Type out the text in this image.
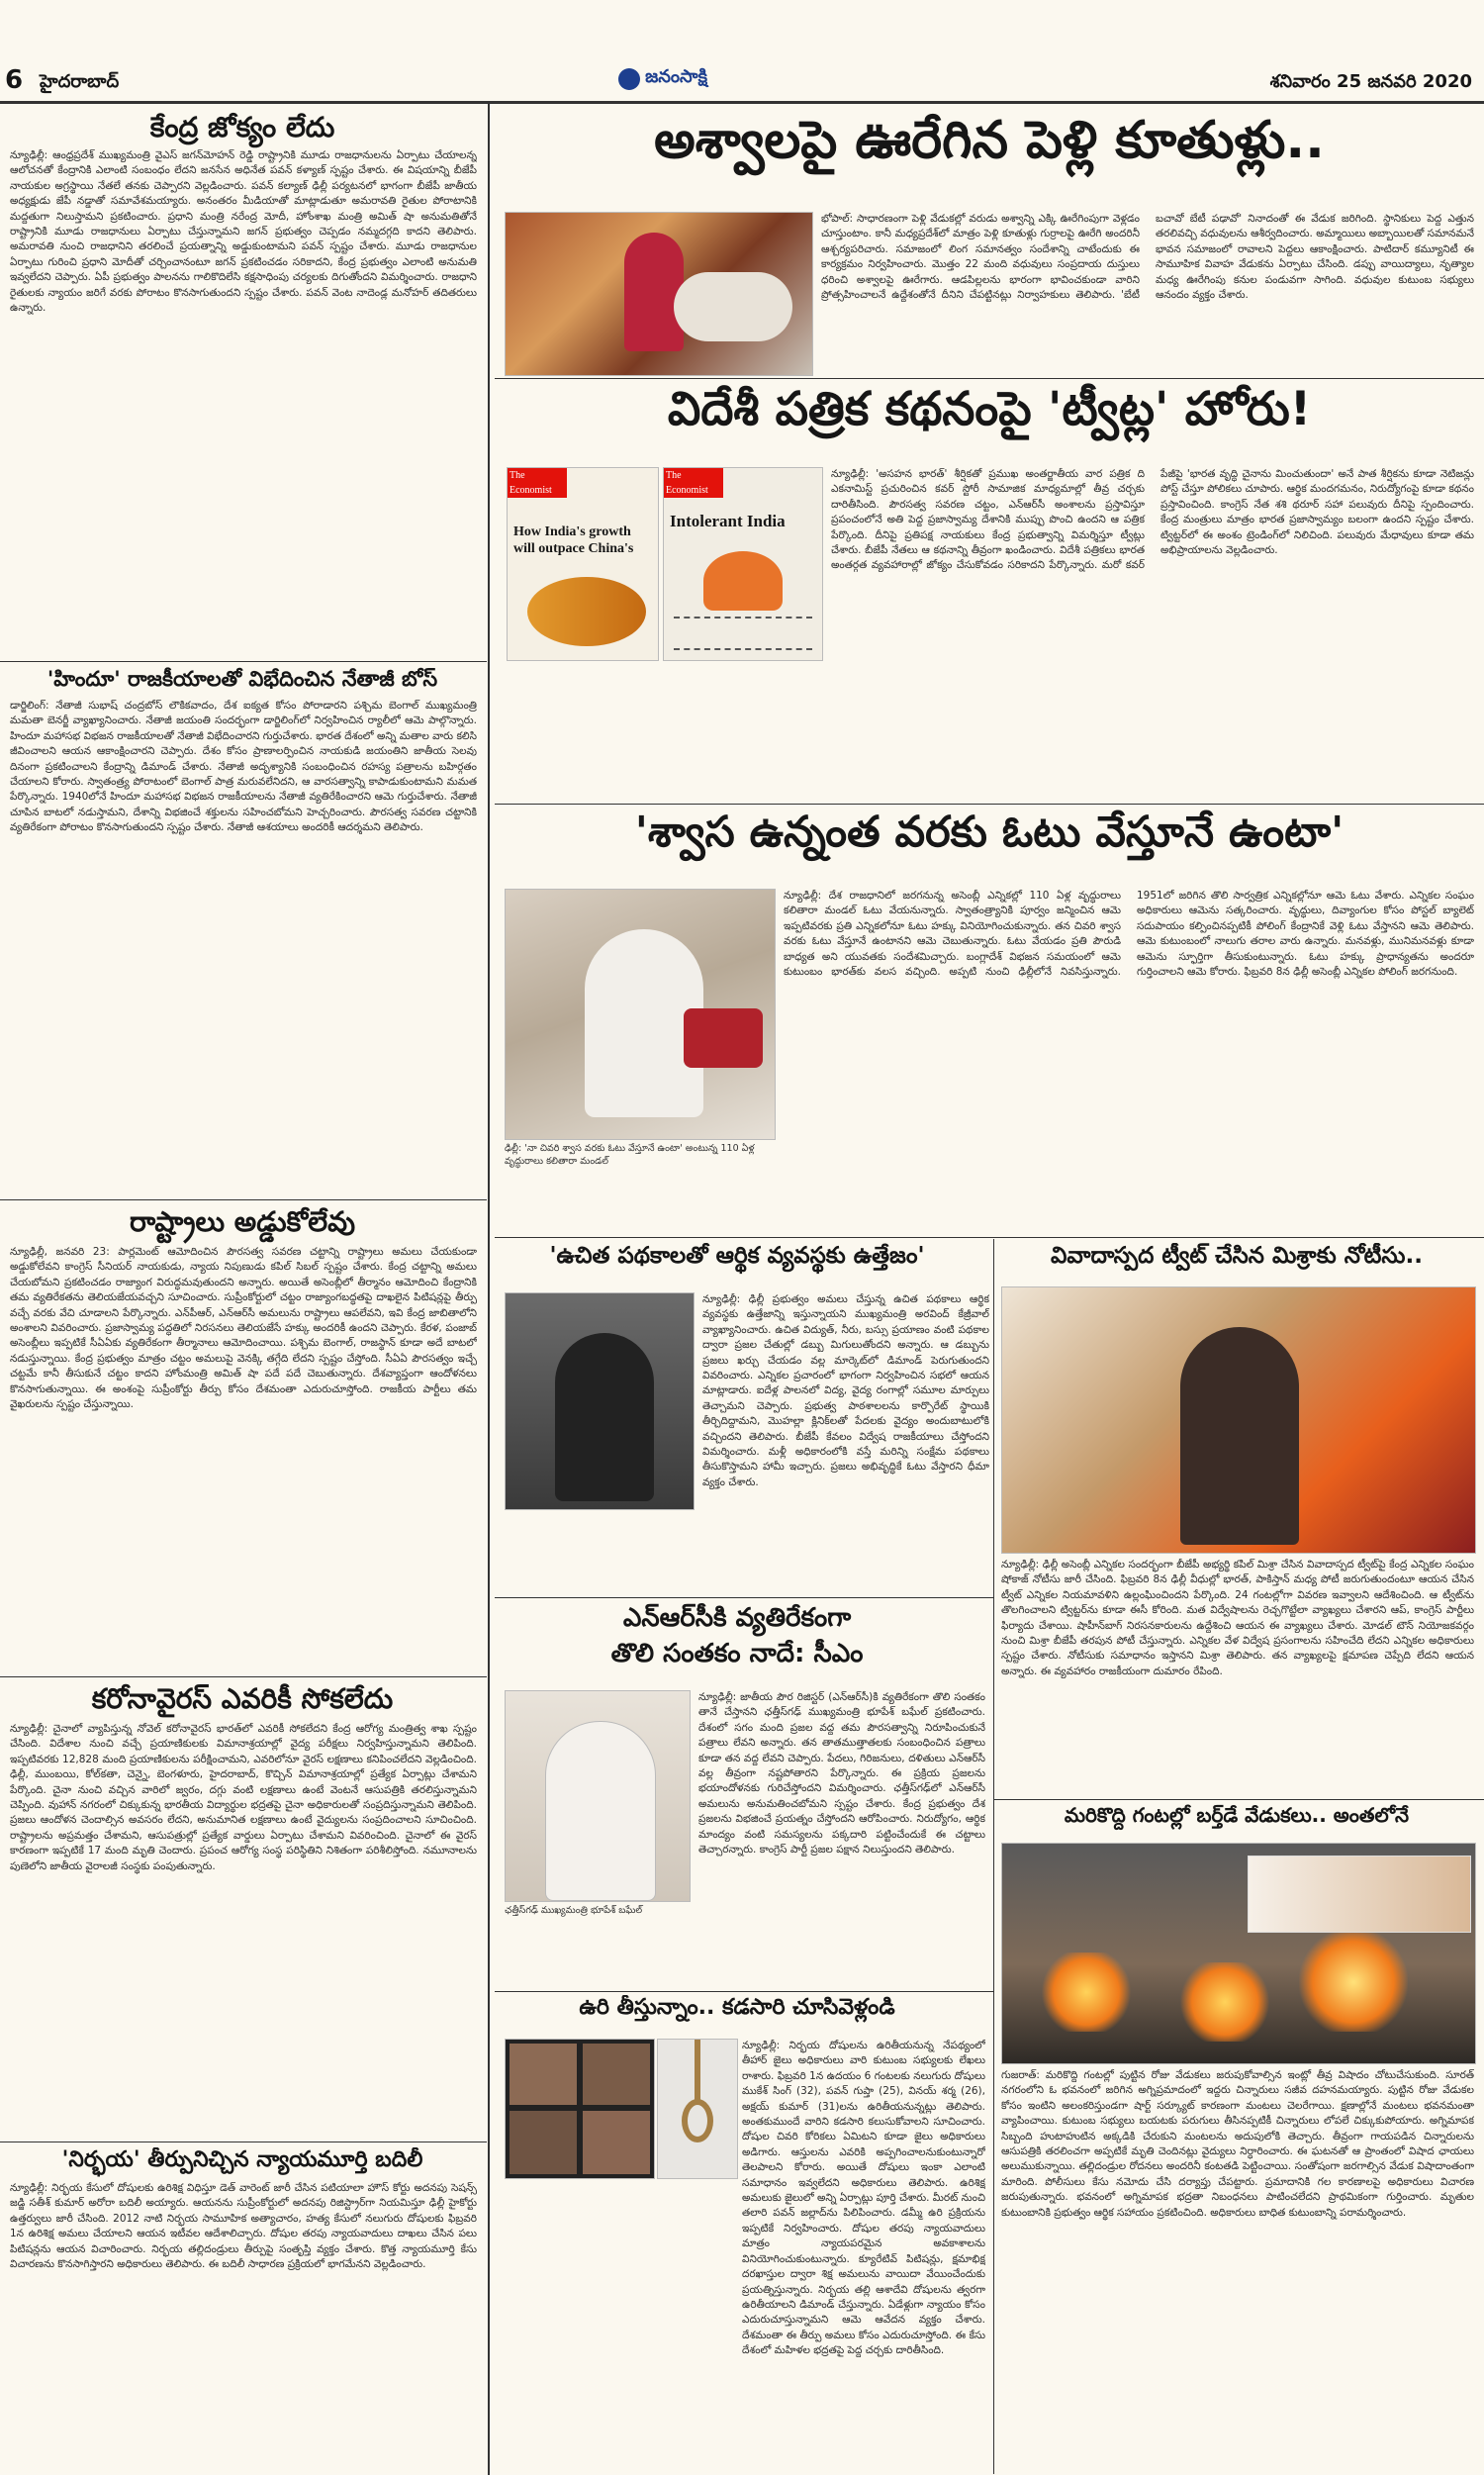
6 హైదరాబాద్	జనంసాక్షి	శనివారం 25 జనవరి 2020
కేంద్ర జోక్యం లేదు
న్యూఢిల్లీ: ఆంధ్రప్రదేశ్ ముఖ్యమంత్రి వైఎస్ జగన్‌మోహన్ రెడ్డి రాష్ట్రానికి మూడు రాజధానులను ఏర్పాటు చేయాలన్న ఆలోచనతో కేంద్రానికి ఎలాంటి సంబంధం లేదని జనసేన అధినేత పవన్ కళ్యాణ్ స్పష్టం చేశారు. ఈ విషయాన్ని బీజేపీ నాయకుల అగ్రస్థాయి నేతలే తనకు చెప్పారని వెల్లడించారు. పవన్ కల్యాణ్ ఢిల్లీ పర్యటనలో భాగంగా బీజేపీ జాతీయ అధ్యక్షుడు జేపీ నడ్డాతో సమావేశమయ్యారు. అనంతరం మీడియాతో మాట్లాడుతూ అమరావతి రైతుల పోరాటానికి మద్దతుగా నిలుస్తామని ప్రకటించారు. ప్రధాని మంత్రి నరేంద్ర మోదీ, హోంశాఖ మంత్రి అమిత్ షా అనుమతితోనే రాష్ట్రానికి మూడు రాజధానులు ఏర్పాటు చేస్తున్నామని జగన్ ప్రభుత్వం చెప్పడం నమ్మదగ్గది కాదని తెలిపారు. అమరావతి నుంచి రాజధానిని తరలించే ప్రయత్నాన్ని అడ్డుకుంటామని పవన్ స్పష్టం చేశారు. మూడు రాజధానుల ఏర్పాటు గురించి ప్రధాని మోదీతో చర్చించానంటూ జగన్ ప్రకటించడం సరికాదని, కేంద్ర ప్రభుత్వం ఎలాంటి అనుమతి ఇవ్వలేదని చెప్పారు. ఏపీ ప్రభుత్వం పాలనను గాలికొదిలేసి కక్షసాధింపు చర్యలకు దిగుతోందని విమర్శించారు. రాజధాని రైతులకు న్యాయం జరిగే వరకు పోరాటం కొనసాగుతుందని స్పష్టం చేశారు. పవన్ వెంట నాదెండ్ల మనోహర్ తదితరులు ఉన్నారు.
'హిందూ' రాజకీయాలతో విభేదించిన నేతాజీ బోస్
డార్జిలింగ్: నేతాజీ సుభాష్ చంద్రబోస్ లౌకికవాదం, దేశ ఐక్యత కోసం పోరాడారని పశ్చిమ బెంగాల్ ముఖ్యమంత్రి మమతా బెనర్జీ వ్యాఖ్యానించారు. నేతాజీ జయంతి సందర్భంగా డార్జిలింగ్‌లో నిర్వహించిన ర్యాలీలో ఆమె పాల్గొన్నారు. హిందూ మహాసభ విభజన రాజకీయాలతో నేతాజీ విభేదించారని గుర్తుచేశారు. భారత దేశంలో అన్ని మతాల వారు కలిసి జీవించాలని ఆయన ఆకాంక్షించారని చెప్పారు. దేశం కోసం ప్రాణాలర్పించిన నాయకుడి జయంతిని జాతీయ సెలవు దినంగా ప్రకటించాలని కేంద్రాన్ని డిమాండ్ చేశారు. నేతాజీ అదృశ్యానికి సంబంధించిన రహస్య పత్రాలను బహిర్గతం చేయాలని కోరారు. స్వాతంత్ర్య పోరాటంలో బెంగాల్ పాత్ర మరువలేనిదని, ఆ వారసత్వాన్ని కాపాడుకుంటామని మమత పేర్కొన్నారు. 1940లోనే హిందూ మహాసభ విభజన రాజకీయాలను నేతాజీ వ్యతిరేకించారని ఆమె గుర్తుచేశారు. నేతాజీ చూపిన బాటలో నడుస్తామని, దేశాన్ని విభజించే శక్తులను సహించబోమని హెచ్చరించారు. పౌరసత్వ సవరణ చట్టానికి వ్యతిరేకంగా పోరాటం కొనసాగుతుందని స్పష్టం చేశారు. నేతాజీ ఆశయాలు అందరికీ ఆదర్శమని తెలిపారు.
రాష్ట్రాలు అడ్డుకోలేవు
న్యూఢిల్లీ, జనవరి 23: పార్లమెంట్ ఆమోదించిన పౌరసత్వ సవరణ చట్టాన్ని రాష్ట్రాలు అమలు చేయకుండా అడ్డుకోలేవని కాంగ్రెస్ సీనియర్ నాయకుడు, న్యాయ నిపుణుడు కపిల్ సిబల్ స్పష్టం చేశారు. కేంద్ర చట్టాన్ని అమలు చేయబోమని ప్రకటించడం రాజ్యాంగ విరుద్ధమవుతుందని అన్నారు. అయితే అసెంబ్లీలో తీర్మానం ఆమోదించి కేంద్రానికి తమ వ్యతిరేకతను తెలియజేయవచ్చని సూచించారు. సుప్రీంకోర్టులో చట్టం రాజ్యాంగబద్ధతపై దాఖలైన పిటిషన్లపై తీర్పు వచ్చే వరకు వేచి చూడాలని పేర్కొన్నారు. ఎన్‌పీఆర్, ఎన్‌ఆర్‌సీ అమలును రాష్ట్రాలు ఆపలేవని, ఇవి కేంద్ర జాబితాలోని అంశాలని వివరించారు. ప్రజాస్వామ్య పద్ధతిలో నిరసనలు తెలియజేసే హక్కు అందరికీ ఉందని చెప్పారు. కేరళ, పంజాబ్ అసెంబ్లీలు ఇప్పటికే సీఏఏకు వ్యతిరేకంగా తీర్మానాలు ఆమోదించాయి. పశ్చిమ బెంగాల్, రాజస్థాన్ కూడా అదే బాటలో నడుస్తున్నాయి. కేంద్ర ప్రభుత్వం మాత్రం చట్టం అమలుపై వెనక్కి తగ్గేది లేదని స్పష్టం చేస్తోంది. సీఏఏ పౌరసత్వం ఇచ్చే చట్టమే కానీ తీసుకునే చట్టం కాదని హోంమంత్రి అమిత్ షా పదే పదే చెబుతున్నారు. దేశవ్యాప్తంగా ఆందోళనలు కొనసాగుతున్నాయి. ఈ అంశంపై సుప్రీంకోర్టు తీర్పు కోసం దేశమంతా ఎదురుచూస్తోంది. రాజకీయ పార్టీలు తమ వైఖరులను స్పష్టం చేస్తున్నాయి.
కరోనావైరస్ ఎవరికీ సోకలేదు
న్యూఢిల్లీ: చైనాలో వ్యాపిస్తున్న నోవెల్ కరోనావైరస్ భారత్‌లో ఎవరికీ సోకలేదని కేంద్ర ఆరోగ్య మంత్రిత్వ శాఖ స్పష్టం చేసింది. విదేశాల నుంచి వచ్చే ప్రయాణికులకు విమానాశ్రయాల్లో వైద్య పరీక్షలు నిర్వహిస్తున్నామని తెలిపింది. ఇప్పటివరకు 12,828 మంది ప్రయాణికులను పరీక్షించామని, ఎవరిలోనూ వైరస్ లక్షణాలు కనిపించలేదని వెల్లడించింది. ఢిల్లీ, ముంబయి, కోల్‌కతా, చెన్నై, బెంగళూరు, హైదరాబాద్, కొచ్చిన్ విమానాశ్రయాల్లో ప్రత్యేక ఏర్పాట్లు చేశామని పేర్కొంది. చైనా నుంచి వచ్చిన వారిలో జ్వరం, దగ్గు వంటి లక్షణాలు ఉంటే వెంటనే ఆసుపత్రికి తరలిస్తున్నామని చెప్పింది. వుహాన్ నగరంలో చిక్కుకున్న భారతీయ విద్యార్థుల భద్రతపై చైనా అధికారులతో సంప్రదిస్తున్నామని తెలిపింది. ప్రజలు ఆందోళన చెందాల్సిన అవసరం లేదని, అనుమానిత లక్షణాలు ఉంటే వైద్యులను సంప్రదించాలని సూచించింది. రాష్ట్రాలను అప్రమత్తం చేశామని, ఆసుపత్రుల్లో ప్రత్యేక వార్డులు ఏర్పాటు చేశామని వివరించింది. చైనాలో ఈ వైరస్ కారణంగా ఇప్పటికే 17 మంది మృతి చెందారు. ప్రపంచ ఆరోగ్య సంస్థ పరిస్థితిని నిశితంగా పరిశీలిస్తోంది. నమూనాలను పుణెలోని జాతీయ వైరాలజీ సంస్థకు పంపుతున్నారు.
అశ్వాలపై ఊరేగిన పెళ్లి కూతుళ్లు..
భోపాల్: సాధారణంగా పెళ్లి వేడుకల్లో వరుడు అశ్వాన్ని ఎక్కి ఊరేగింపుగా వెళ్లడం చూస్తుంటాం. కానీ మధ్యప్రదేశ్‌లో మాత్రం పెళ్లి కూతుళ్లు గుర్రాలపై ఊరేగి అందరినీ ఆశ్చర్యపరిచారు. సమాజంలో లింగ సమానత్వం సందేశాన్ని చాటేందుకు ఈ కార్యక్రమం నిర్వహించారు. మొత్తం 22 మంది వధువులు సంప్రదాయ దుస్తులు ధరించి అశ్వాలపై ఊరేగారు. ఆడపిల్లలను భారంగా భావించకుండా వారిని ప్రోత్సహించాలనే ఉద్దేశంతోనే దీనిని చేపట్టినట్లు నిర్వాహకులు తెలిపారు. 'బేటీ బచావో బేటీ పఢావో' నినాదంతో ఈ వేడుక జరిగింది. స్థానికులు పెద్ద ఎత్తున తరలివచ్చి వధువులను ఆశీర్వదించారు. అమ్మాయిలు అబ్బాయిలతో సమానమనే భావన సమాజంలో రావాలని పెద్దలు ఆకాంక్షించారు. పాటిదార్ కమ్యూనిటీ ఈ సామూహిక వివాహ వేడుకను ఏర్పాటు చేసింది. డప్పు వాయిద్యాలు, నృత్యాల మధ్య ఊరేగింపు కనుల పండువగా సాగింది. వధువుల కుటుంబ సభ్యులు ఆనందం వ్యక్తం చేశారు.
విదేశీ పత్రిక కథనంపై 'ట్వీట్ల' హోరు!
The Economist
How India's growth will outpace China's
The Economist
Intolerant India
న్యూఢిల్లీ: 'అసహన భారత్' శీర్షికతో ప్రముఖ అంతర్జాతీయ వార పత్రిక ది ఎకనామిస్ట్ ప్రచురించిన కవర్ స్టోరీ సామాజిక మాధ్యమాల్లో తీవ్ర చర్చకు దారితీసింది. పౌరసత్వ సవరణ చట్టం, ఎన్‌ఆర్‌సీ అంశాలను ప్రస్తావిస్తూ ప్రపంచంలోనే అతి పెద్ద ప్రజాస్వామ్య దేశానికి ముప్పు పొంచి ఉందని ఆ పత్రిక పేర్కొంది. దీనిపై ప్రతిపక్ష నాయకులు కేంద్ర ప్రభుత్వాన్ని విమర్శిస్తూ ట్వీట్లు చేశారు. బీజేపీ నేతలు ఆ కథనాన్ని తీవ్రంగా ఖండించారు. విదేశీ పత్రికలు భారత అంతర్గత వ్యవహారాల్లో జోక్యం చేసుకోవడం సరికాదని పేర్కొన్నారు. మరో కవర్ పేజీపై 'భారత వృద్ధి చైనాను మించుతుందా' అనే పాత శీర్షికను కూడా నెటిజన్లు పోస్ట్ చేస్తూ పోలికలు చూపారు. ఆర్థిక మందగమనం, నిరుద్యోగంపై కూడా కథనం ప్రస్తావించింది. కాంగ్రెస్ నేత శశి థరూర్ సహా పలువురు దీనిపై స్పందించారు. కేంద్ర మంత్రులు మాత్రం భారత ప్రజాస్వామ్యం బలంగా ఉందని స్పష్టం చేశారు. ట్విట్టర్‌లో ఈ అంశం ట్రెండింగ్‌లో నిలిచింది. పలువురు మేధావులు కూడా తమ అభిప్రాయాలను వెల్లడించారు.
'శ్వాస ఉన్నంత వరకు ఓటు వేస్తూనే ఉంటా'
ఢిల్లీ: 'నా చివరి శ్వాస వరకు ఓటు వేస్తూనే ఉంటా' అంటున్న 110 ఏళ్ల వృద్ధురాలు కలితారా మండల్
న్యూఢిల్లీ: దేశ రాజధానిలో జరగనున్న అసెంబ్లీ ఎన్నికల్లో 110 ఏళ్ల వృద్ధురాలు కలితారా మండల్ ఓటు వేయనున్నారు. స్వాతంత్ర్యానికి పూర్వం జన్మించిన ఆమె ఇప్పటివరకు ప్రతి ఎన్నికలోనూ ఓటు హక్కు వినియోగించుకున్నారు. తన చివరి శ్వాస వరకు ఓటు వేస్తూనే ఉంటానని ఆమె చెబుతున్నారు. ఓటు వేయడం ప్రతి పౌరుడి బాధ్యత అని యువతకు సందేశమిచ్చారు. బంగ్లాదేశ్ విభజన సమయంలో ఆమె కుటుంబం భారత్‌కు వలస వచ్చింది. అప్పటి నుంచి ఢిల్లీలోనే నివసిస్తున్నారు. 1951లో జరిగిన తొలి సార్వత్రిక ఎన్నికల్లోనూ ఆమె ఓటు వేశారు. ఎన్నికల సంఘం అధికారులు ఆమెను సత్కరించారు. వృద్ధులు, దివ్యాంగుల కోసం పోస్టల్ బ్యాలెట్ సదుపాయం కల్పించినప్పటికీ పోలింగ్ కేంద్రానికే వెళ్లి ఓటు వేస్తానని ఆమె తెలిపారు. ఆమె కుటుంబంలో నాలుగు తరాల వారు ఉన్నారు. మనవళ్లు, మునిమనవళ్లు కూడా ఆమెను స్ఫూర్తిగా తీసుకుంటున్నారు. ఓటు హక్కు ప్రాధాన్యతను అందరూ గుర్తించాలని ఆమె కోరారు. ఫిబ్రవరి 8న ఢిల్లీ అసెంబ్లీ ఎన్నికల పోలింగ్ జరగనుంది.
'ఉచిత పథకాలతో ఆర్థిక వ్యవస్థకు ఉత్తేజం'
న్యూఢిల్లీ: ఢిల్లీ ప్రభుత్వం అమలు చేస్తున్న ఉచిత పథకాలు ఆర్థిక వ్యవస్థకు ఉత్తేజాన్ని ఇస్తున్నాయని ముఖ్యమంత్రి అరవింద్ కేజ్రీవాల్ వ్యాఖ్యానించారు. ఉచిత విద్యుత్, నీరు, బస్సు ప్రయాణం వంటి పథకాల ద్వారా ప్రజల చేతుల్లో డబ్బు మిగులుతోందని అన్నారు. ఆ డబ్బును ప్రజలు ఖర్చు చేయడం వల్ల మార్కెట్‌లో డిమాండ్ పెరుగుతుందని వివరించారు. ఎన్నికల ప్రచారంలో భాగంగా నిర్వహించిన సభలో ఆయన మాట్లాడారు. ఐదేళ్ల పాలనలో విద్య, వైద్య రంగాల్లో సమూల మార్పులు తెచ్చామని చెప్పారు. ప్రభుత్వ పాఠశాలలను కార్పొరేట్ స్థాయికి తీర్చిదిద్దామని, మొహల్లా క్లినిక్‌లతో పేదలకు వైద్యం అందుబాటులోకి వచ్చిందని తెలిపారు. బీజేపీ కేవలం విద్వేష రాజకీయాలు చేస్తోందని విమర్శించారు. మళ్లీ అధికారంలోకి వస్తే మరిన్ని సంక్షేమ పథకాలు తీసుకొస్తామని హామీ ఇచ్చారు. ప్రజలు అభివృద్ధికే ఓటు వేస్తారని ధీమా వ్యక్తం చేశారు.
వివాదాస్పద ట్వీట్ చేసిన మిశ్రాకు నోటీసు..
న్యూఢిల్లీ: ఢిల్లీ అసెంబ్లీ ఎన్నికల సందర్భంగా బీజేపీ అభ్యర్థి కపిల్ మిశ్రా చేసిన వివాదాస్పద ట్వీట్‌పై కేంద్ర ఎన్నికల సంఘం షోకాజ్ నోటీసు జారీ చేసింది. ఫిబ్రవరి 8న ఢిల్లీ వీధుల్లో భారత్, పాకిస్తాన్ మధ్య పోటీ జరుగుతుందంటూ ఆయన చేసిన ట్వీట్ ఎన్నికల నియమావళిని ఉల్లంఘించిందని పేర్కొంది. 24 గంటల్లోగా వివరణ ఇవ్వాలని ఆదేశించింది. ఆ ట్వీట్‌ను తొలగించాలని ట్విట్టర్‌ను కూడా ఈసీ కోరింది. మత విద్వేషాలను రెచ్చగొట్టేలా వ్యాఖ్యలు చేశారని ఆప్, కాంగ్రెస్ పార్టీలు ఫిర్యాదు చేశాయి. షాహీన్‌బాగ్ నిరసనకారులను ఉద్దేశించి ఆయన ఈ వ్యాఖ్యలు చేశారు. మోడల్ టౌన్ నియోజకవర్గం నుంచి మిశ్రా బీజేపీ తరపున పోటీ చేస్తున్నారు. ఎన్నికల వేళ విద్వేష ప్రసంగాలను సహించేది లేదని ఎన్నికల అధికారులు స్పష్టం చేశారు. నోటీసుకు సమాధానం ఇస్తానని మిశ్రా తెలిపారు. తన వ్యాఖ్యలపై క్షమాపణ చెప్పేది లేదని ఆయన అన్నారు. ఈ వ్యవహారం రాజకీయంగా దుమారం రేపింది.
ఎన్‌ఆర్‌సీకి వ్యతిరేకంగా
తొలి సంతకం నాదే: సీఎం
ఛత్తీస్‌గఢ్ ముఖ్యమంత్రి భూపేశ్ బఘేల్
న్యూఢిల్లీ: జాతీయ పౌర రిజిస్టర్ (ఎన్‌ఆర్‌సీ)కి వ్యతిరేకంగా తొలి సంతకం తానే చేస్తానని ఛత్తీస్‌గఢ్ ముఖ్యమంత్రి భూపేశ్ బఘేల్ ప్రకటించారు. దేశంలో సగం మంది ప్రజల వద్ద తమ పౌరసత్వాన్ని నిరూపించుకునే పత్రాలు లేవని అన్నారు. తన తాతముత్తాతలకు సంబంధించిన పత్రాలు కూడా తన వద్ద లేవని చెప్పారు. పేదలు, గిరిజనులు, దళితులు ఎన్‌ఆర్‌సీ వల్ల తీవ్రంగా నష్టపోతారని పేర్కొన్నారు. ఈ ప్రక్రియ ప్రజలను భయాందోళనకు గురిచేస్తోందని విమర్శించారు. ఛత్తీస్‌గఢ్‌లో ఎన్‌ఆర్‌సీ అమలును అనుమతించబోమని స్పష్టం చేశారు. కేంద్ర ప్రభుత్వం దేశ ప్రజలను విభజించే ప్రయత్నం చేస్తోందని ఆరోపించారు. నిరుద్యోగం, ఆర్థిక మాంద్యం వంటి సమస్యలను పక్కదారి పట్టించేందుకే ఈ చట్టాలు తెచ్చారన్నారు. కాంగ్రెస్ పార్టీ ప్రజల పక్షాన నిలుస్తుందని తెలిపారు.
ఉరి తీస్తున్నాం.. కడసారి చూసివెళ్లండి
న్యూఢిల్లీ: నిర్భయ దోషులను ఉరితీయనున్న నేపథ్యంలో తీహార్ జైలు అధికారులు వారి కుటుంబ సభ్యులకు లేఖలు రాశారు. ఫిబ్రవరి 1న ఉదయం 6 గంటలకు నలుగురు దోషులు ముకేశ్ సింగ్ (32), పవన్ గుప్తా (25), వినయ్ శర్మ (26), అక్షయ్ కుమార్ (31)లను ఉరితీయనున్నట్లు తెలిపారు. అంతకుముందే వారిని కడసారి కలుసుకోవాలని సూచించారు. దోషుల చివరి కోరికలు ఏమిటని కూడా జైలు అధికారులు అడిగారు. ఆస్తులను ఎవరికి అప్పగించాలనుకుంటున్నారో తెలపాలని కోరారు. అయితే దోషులు ఇంకా ఎలాంటి సమాధానం ఇవ్వలేదని అధికారులు తెలిపారు. ఉరిశిక్ష అమలుకు జైలులో అన్ని ఏర్పాట్లు పూర్తి చేశారు. మీరట్ నుంచి తలారి పవన్ జల్లాద్‌ను పిలిపించారు. డమ్మీ ఉరి ప్రక్రియను ఇప్పటికే నిర్వహించారు. దోషుల తరపు న్యాయవాదులు మాత్రం న్యాయపరమైన అవకాశాలను వినియోగించుకుంటున్నారు. క్యూరేటివ్ పిటిషన్లు, క్షమాభిక్ష దరఖాస్తుల ద్వారా శిక్ష అమలును వాయిదా వేయించేందుకు ప్రయత్నిస్తున్నారు. నిర్భయ తల్లి ఆశాదేవి దోషులను త్వరగా ఉరితీయాలని డిమాండ్ చేస్తున్నారు. ఏడేళ్లుగా న్యాయం కోసం ఎదురుచూస్తున్నామని ఆమె ఆవేదన వ్యక్తం చేశారు. దేశమంతా ఈ తీర్పు అమలు కోసం ఎదురుచూస్తోంది. ఈ కేసు దేశంలో మహిళల భద్రతపై పెద్ద చర్చకు దారితీసింది.
మరికొద్ది గంటల్లో బర్త్‌డే వేడుకలు.. అంతలోనే
గుజరాత్: మరికొద్ది గంటల్లో పుట్టిన రోజు వేడుకలు జరుపుకోవాల్సిన ఇంట్లో తీవ్ర విషాదం చోటుచేసుకుంది. సూరత్ నగరంలోని ఓ భవనంలో జరిగిన అగ్నిప్రమాదంలో ఇద్దరు చిన్నారులు సజీవ దహనమయ్యారు. పుట్టిన రోజు వేడుకల కోసం ఇంటిని అలంకరిస్తుండగా షార్ట్ సర్క్యూట్ కారణంగా మంటలు చెలరేగాయి. క్షణాల్లోనే మంటలు భవనమంతా వ్యాపించాయి. కుటుంబ సభ్యులు బయటకు పరుగులు తీసినప్పటికీ చిన్నారులు లోపలే చిక్కుకుపోయారు. అగ్నిమాపక సిబ్బంది హుటాహుటిన అక్కడికి చేరుకుని మంటలను అదుపులోకి తెచ్చారు. తీవ్రంగా గాయపడిన చిన్నారులను ఆసుపత్రికి తరలించగా అప్పటికే మృతి చెందినట్లు వైద్యులు నిర్ధారించారు. ఈ ఘటనతో ఆ ప్రాంతంలో విషాద ఛాయలు అలుముకున్నాయి. తల్లిదండ్రుల రోదనలు అందరినీ కంటతడి పెట్టించాయి. సంతోషంగా జరగాల్సిన వేడుక విషాదాంతంగా మారింది. పోలీసులు కేసు నమోదు చేసి దర్యాప్తు చేపట్టారు. ప్రమాదానికి గల కారణాలపై అధికారులు విచారణ జరుపుతున్నారు. భవనంలో అగ్నిమాపక భద్రతా నిబంధనలు పాటించలేదని ప్రాథమికంగా గుర్తించారు. మృతుల కుటుంబానికి ప్రభుత్వం ఆర్థిక సహాయం ప్రకటించింది. అధికారులు బాధిత కుటుంబాన్ని పరామర్శించారు.
'నిర్భయ' తీర్పునిచ్చిన న్యాయమూర్తి బదిలీ
న్యూఢిల్లీ: నిర్భయ కేసులో దోషులకు ఉరిశిక్ష విధిస్తూ డెత్ వారెంట్ జారీ చేసిన పటియాలా హౌస్ కోర్టు అదనపు సెషన్స్ జడ్జి సతీశ్ కుమార్ అరోరా బదిలీ అయ్యారు. ఆయనను సుప్రీంకోర్టులో అదనపు రిజిస్ట్రార్‌గా నియమిస్తూ ఢిల్లీ హైకోర్టు ఉత్తర్వులు జారీ చేసింది. 2012 నాటి నిర్భయ సామూహిక అత్యాచారం, హత్య కేసులో నలుగురు దోషులకు ఫిబ్రవరి 1న ఉరిశిక్ష అమలు చేయాలని ఆయన ఇటీవల ఆదేశాలిచ్చారు. దోషుల తరపు న్యాయవాదులు దాఖలు చేసిన పలు పిటిషన్లను ఆయన విచారించారు. నిర్భయ తల్లిదండ్రులు తీర్పుపై సంతృప్తి వ్యక్తం చేశారు. కొత్త న్యాయమూర్తి కేసు విచారణను కొనసాగిస్తారని అధికారులు తెలిపారు. ఈ బదిలీ సాధారణ ప్రక్రియలో భాగమేనని వెల్లడించారు.
